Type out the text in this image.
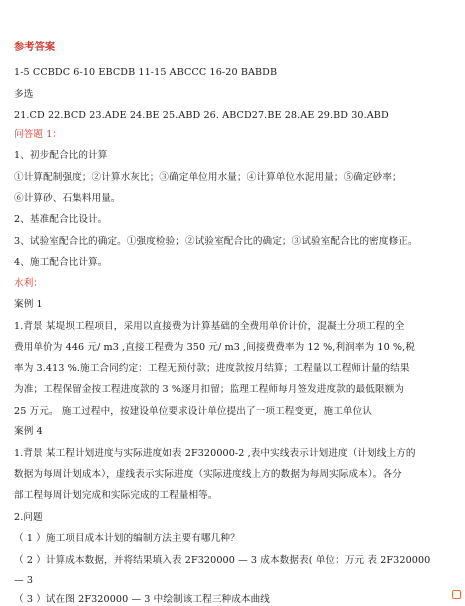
参考答案
1-5 CCBDC 6-10 EBCDB 11-15 ABCCC 16-20 BABDB
多选
21.CD 22.BCD 23.ADE 24.BE 25.ABD 26. ABCD27.BE 28.AE 29.BD 30.ABD
问答题 1：
1、初步配合比的计算
①计算配制强度；②计算水灰比；③确定单位用水量；④计算单位水泥用量；⑤确定砂率；
⑥计算砂、石集料用量。
2、基准配合比设计。
3、试验室配合比的确定。①强度检验；②试验室配合比的确定；③试验室配合比的密度修正。
4、施工配合比计算。
水利：
案例 1
1.背景 某堤坝工程项目，采用以直接费为计算基础的全费用单价计价，混凝土分项工程的全
费用单价为 446 元/ m3 ,直接工程费为 350 元/ m3 ,间接费费率为 12 %,利润率为 10 %,税
率为 3.413 %.施工合同约定：工程无预付款；进度款按月结算；工程量以工程师计量的结果
为准；工程保留金按工程进度款的 3 %逐月扣留；监理工程师每月签发进度款的最低限额为
25 万元。 施工过程中，按建设单位要求设计单位提出了一项工程变更，施工单位认
案例 4
1.背景 某工程计划进度与实际进度如表 2F320000-2 ,表中实线表示计划进度（计划线上方的
数据为每周计划成本），虚线表示实际进度（实际进度线上方的数据为每周实际成本）。各分
部工程每周计划完成和实际完成的工程量相等。
2.问题
（ 1 ）施工项目成本计划的编制方法主要有哪几种？
（ 2 ）计算成本数据，并将结果填入表 2F320000 — 3 成本数据表( 单位：万元 表 2F320000
— 3
（ 3 ）试在图 2F320000 — 3 中绘制该工程三种成本曲线
